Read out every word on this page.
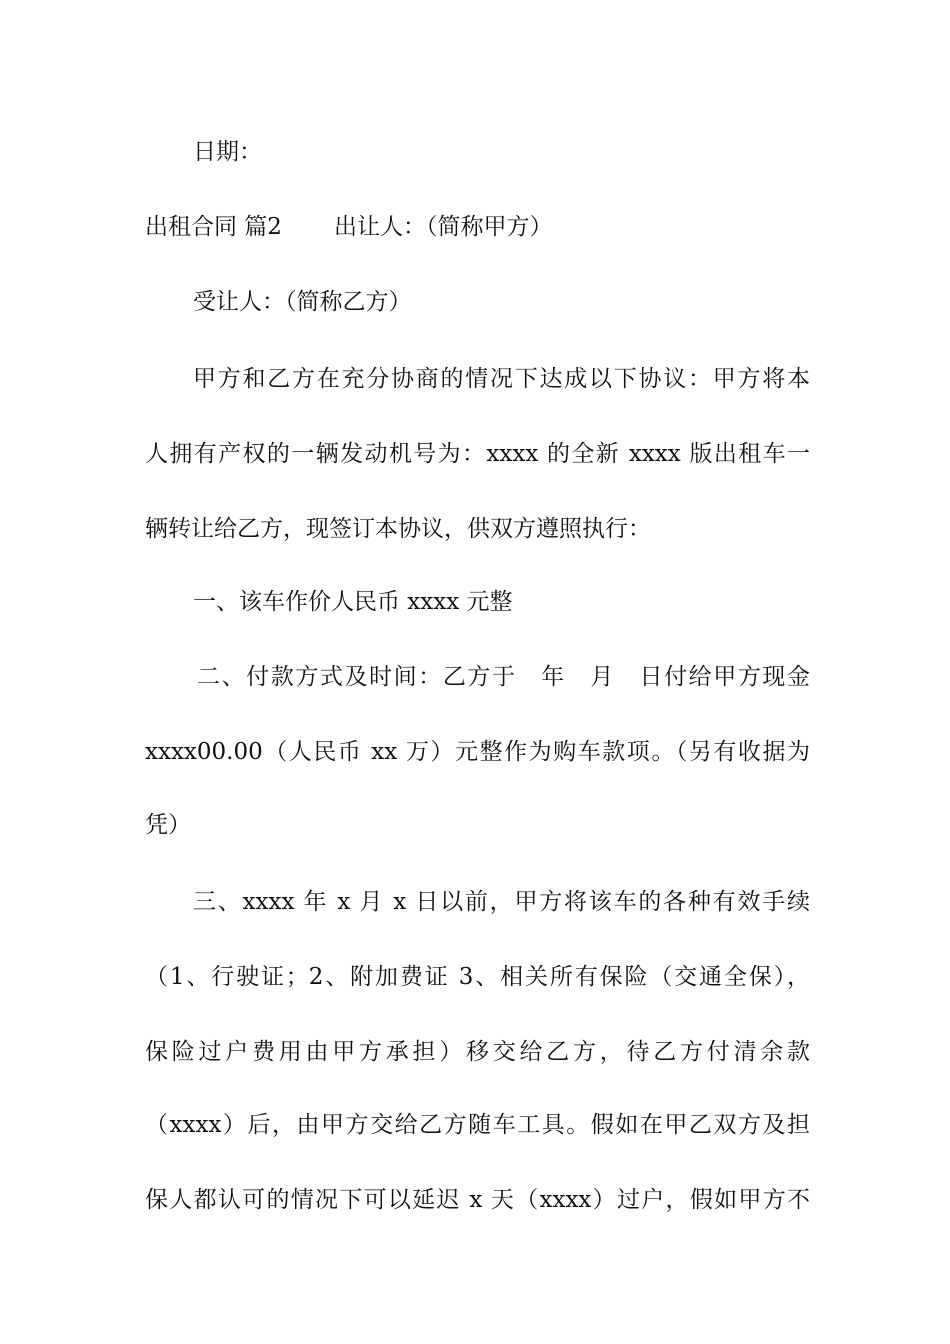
日期：
出租合同 篇2 出让人：（简称甲方）
受让人：（简称乙方）
甲方和乙方在充分协商的情况下达成以下协议：甲方将本
人拥有产权的一辆发动机号为：xxxx 的全新 xxxx 版出租车一
辆转让给乙方，现签订本协议，供双方遵照执行：
一、该车作价人民币 xxxx 元整
二、付款方式及时间：乙方于　年　月　日付给甲方现金
xxxx00.00（人民币 xx 万）元整作为购车款项。（另有收据为
凭）
三、xxxx 年 x 月 x 日以前，甲方将该车的各种有效手续
（1、行驶证；2、附加费证 3、相关所有保险（交通全保），
保险过户费用由甲方承担）移交给乙方，待乙方付清余款
（xxxx）后，由甲方交给乙方随车工具。假如在甲乙双方及担
保人都认可的情况下可以延迟 x 天（xxxx）过户，假如甲方不
